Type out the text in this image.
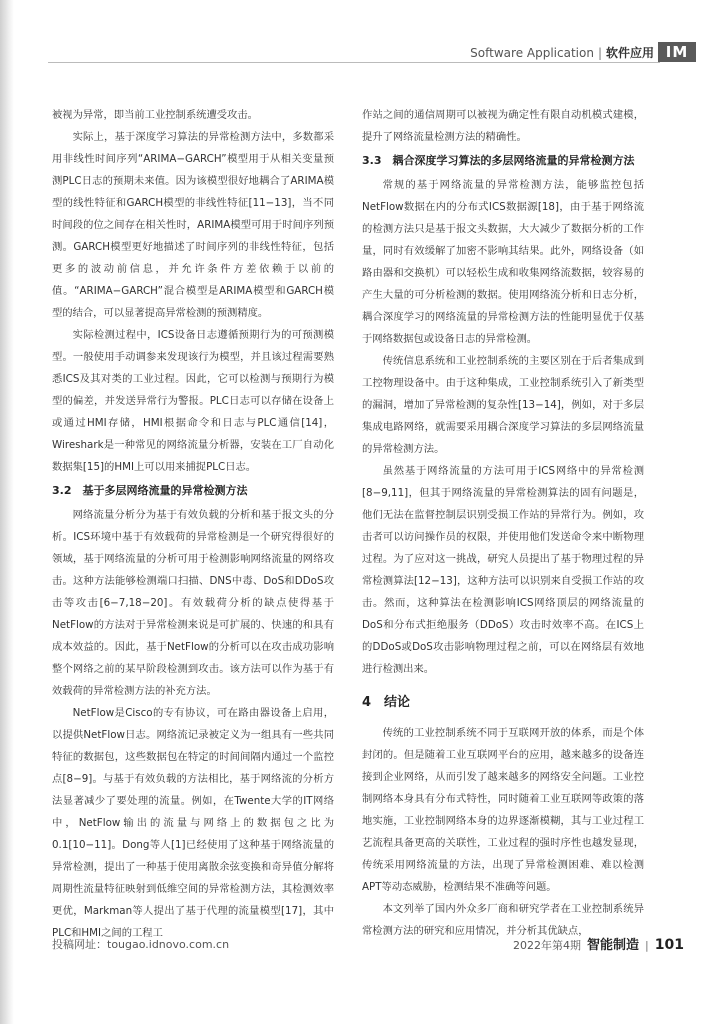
Software Application | 软件应用 IM

被视为异常，即当前工业控制系统遭受攻击。

实际上，基于深度学习算法的异常检测方法中，多数都采用非线性时间序列“ARIMA−GARCH”模型用于从相关变量预测PLC日志的预期未来值。因为该模型很好地耦合了ARIMA模型的线性特征和GARCH模型的非线性特征[11−13]，当不同时间段的位之间存在相关性时，ARIMA模型可用于时间序列预测。GARCH模型更好地描述了时间序列的非线性特征，包括更多的波动前信息，并允许条件方差依赖于以前的值。“ARIMA−GARCH”混合模型是ARIMA模型和GARCH模型的结合，可以显著提高异常检测的预测精度。

实际检测过程中，ICS设备日志遵循预期行为的可预测模型。一般使用手动调参来发现该行为模型，并且该过程需要熟悉ICS及其对类的工业过程。因此，它可以检测与预期行为模型的偏差，并发送异常行为警报。PLC日志可以存储在设备上或通过HMI存储，HMI根据命令和日志与PLC通信[14]，Wireshark是一种常见的网络流量分析器，安装在工厂自动化数据集[15]的HMI上可以用来捕捉PLC日志。

3.2　基于多层网络流量的异常检测方法

网络流量分析分为基于有效负载的分析和基于报文头的分析。ICS环境中基于有效载荷的异常检测是一个研究得很好的领域，基于网络流量的分析可用于检测影响网络流量的网络攻击。这种方法能够检测端口扫描、DNS中毒、DoS和DDoS攻击等攻击[6−7,18−20]。有效载荷分析的缺点使得基于NetFlow的方法对于异常检测来说是可扩展的、快速的和具有成本效益的。因此，基于NetFlow的分析可以在攻击成功影响整个网络之前的某早阶段检测到攻击。该方法可以作为基于有效载荷的异常检测方法的补充方法。

NetFlow是Cisco的专有协议，可在路由器设备上启用，以提供NetFlow日志。网络流记录被定义为一组具有一些共同特征的数据包，这些数据包在特定的时间间隔内通过一个监控点[8−9]。与基于有效负载的方法相比，基于网络流的分析方法显著减少了要处理的流量。例如，在Twente大学的IT网络中，NetFlow输出的流量与网络上的数据包之比为0.1[10−11]。Dong等人[1]已经使用了这种基于网络流量的异常检测，提出了一种基于使用离散余弦变换和奇异值分解将周期性流量特征映射到低维空间的异常检测方法，其检测效率更优，Markman等人提出了基于代理的流量模型[17]，其中PLC和HMI之间的工程工

作站之间的通信周期可以被视为确定性有限自动机模式建模，提升了网络流量检测方法的精确性。

3.3　耦合深度学习算法的多层网络流量的异常检测方法

常规的基于网络流量的异常检测方法，能够监控包括NetFlow数据在内的分布式ICS数据源[18]，由于基于网络流的检测方法只是基于报文头数据，大大减少了数据分析的工作量，同时有效缓解了加密不影响其结果。此外，网络设备（如路由器和交换机）可以轻松生成和收集网络流数据，较容易的产生大量的可分析检测的数据。使用网络流分析和日志分析，耦合深度学习的网络流量的异常检测方法的性能明显优于仅基于网络数据包或设备日志的异常检测。

传统信息系统和工业控制系统的主要区别在于后者集成到工控物理设备中。由于这种集成，工业控制系统引入了新类型的漏洞，增加了异常检测的复杂性[13−14]，例如，对于多层集成电路网络，就需要采用耦合深度学习算法的多层网络流量的异常检测方法。

虽然基于网络流量的方法可用于ICS网络中的异常检测[8−9,11]，但其于网络流量的异常检测算法的固有问题是，他们无法在监督控制层识别受损工作站的异常行为。例如，攻击者可以访问操作员的权限，并使用他们发送命令来中断物理过程。为了应对这一挑战，研究人员提出了基于物理过程的异常检测算法[12−13]，这种方法可以识别来自受损工作站的攻击。然而，这种算法在检测影响ICS网络顶层的网络流量的DoS和分布式拒绝服务（DDoS）攻击时效率不高。在ICS上的DDoS或DoS攻击影响物理过程之前，可以在网络层有效地进行检测出来。

4　结论

传统的工业控制系统不同于互联网开放的体系，而是个体封闭的。但是随着工业互联网平台的应用，越来越多的设备连接到企业网络，从而引发了越来越多的网络安全问题。工业控制网络本身具有分布式特性，同时随着工业互联网等政策的落地实施，工业控制网络本身的边界逐渐模糊，其与工业过程工艺流程具备更高的关联性，工业过程的强时序性也越发显现，传统采用网络流量的方法，出现了异常检测困难、难以检测APT等动态威胁，检测结果不准确等问题。

本文列举了国内外众多厂商和研究学者在工业控制系统异常检测方法的研究和应用情况，并分析其优缺点，

投稿网址：tougao.idnovo.com.cn	2022年第4期 智能制造 | 101
